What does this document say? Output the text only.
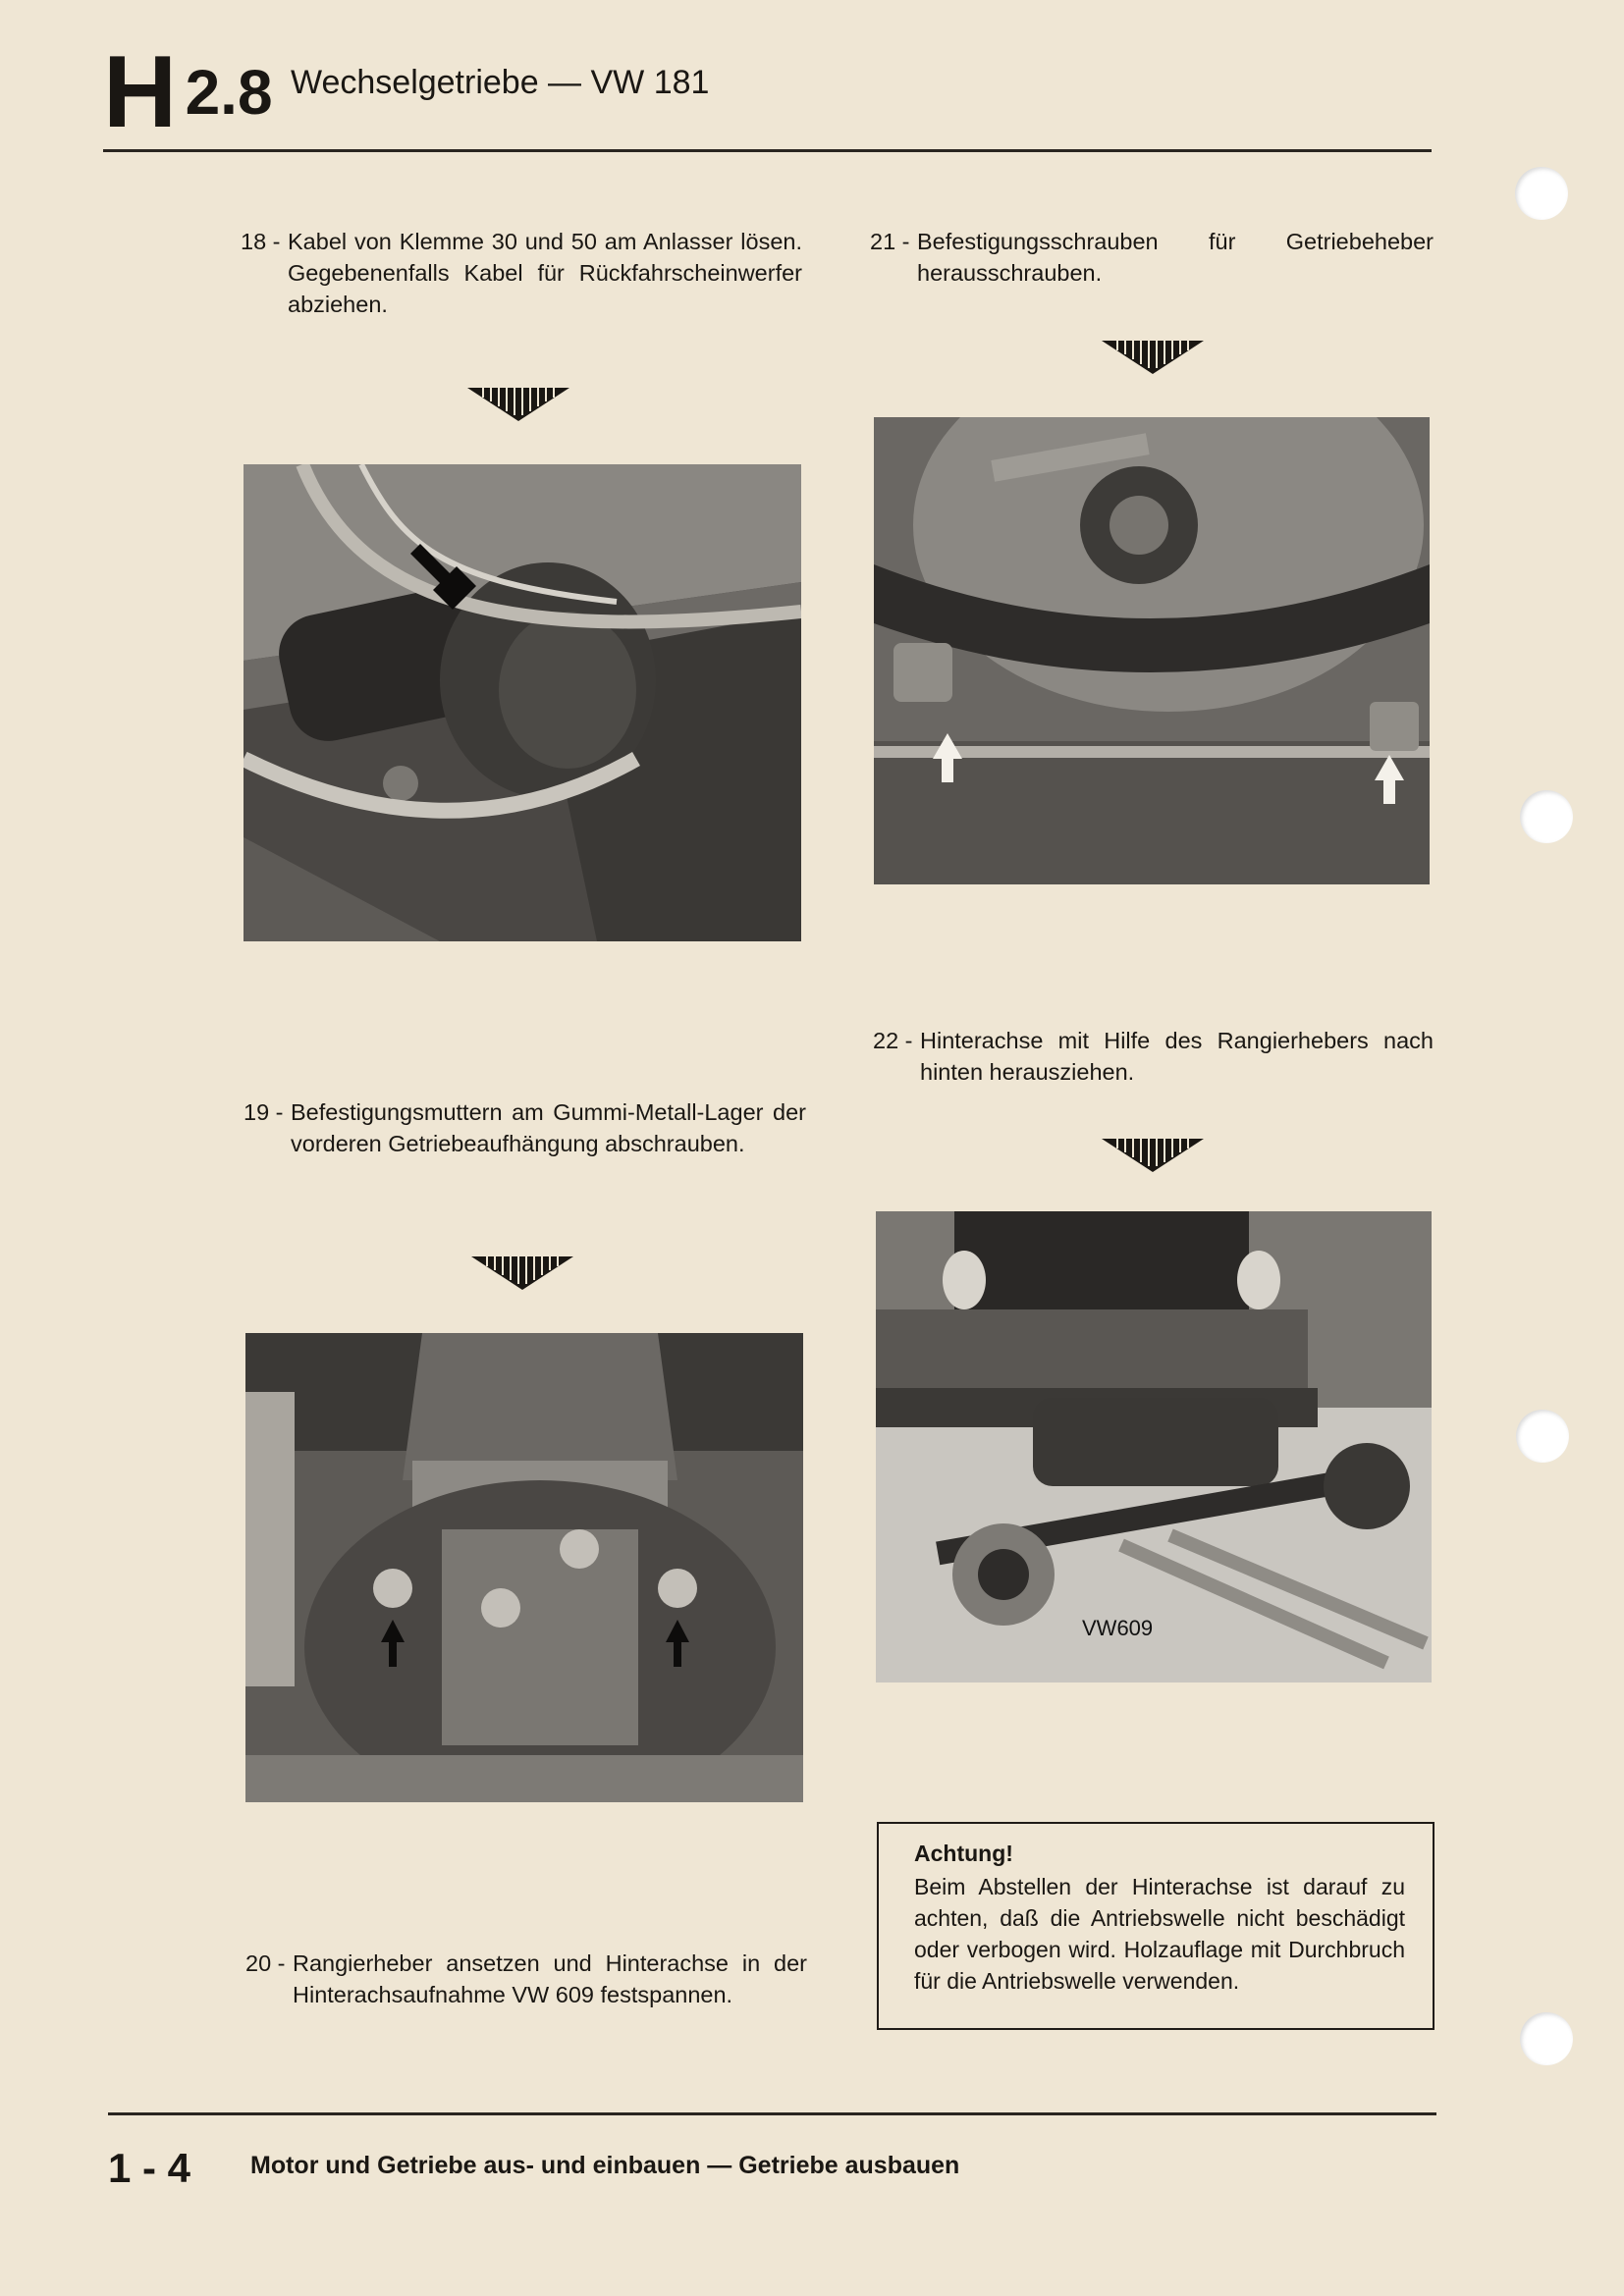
H 2.8 Wechselgetriebe — VW 181
18 - Kabel von Klemme 30 und 50 am Anlasser lösen. Gegebenenfalls Kabel für Rückfahrscheinwerfer abziehen.
21 - Befestigungsschrauben für Getriebeheber herausschrauben.
22 - Hinterachse mit Hilfe des Rangierhebers nach hinten herausziehen.
19 - Befestigungsmuttern am Gummi-Metall-Lager der vorderen Getriebeaufhängung abschrauben.
VW609
Achtung!
Beim Abstellen der Hinterachse ist darauf zu achten, daß die Antriebswelle nicht beschädigt oder verbogen wird. Holzauflage mit Durchbruch für die Antriebswelle verwenden.
20 - Rangierheber ansetzen und Hinterachse in der Hinterachsaufnahme VW 609 festspannen.
1 - 4 Motor und Getriebe aus- und einbauen — Getriebe ausbauen
